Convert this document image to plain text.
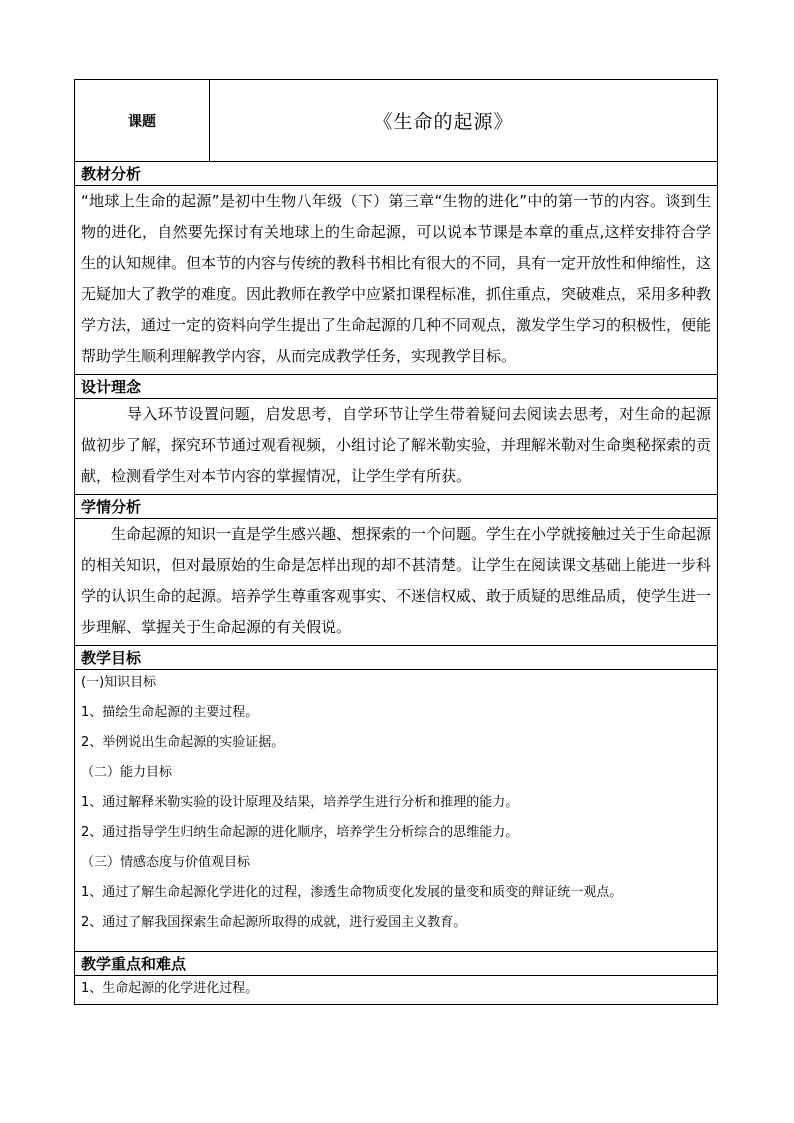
课题	《生命的起源》
教材分析
“地球上生命的起源”是初中生物八年级（下）第三章“生物的进化”中的第一节的内容。谈到生物的进化，自然要先探讨有关地球上的生命起源，可以说本节课是本章的重点,这样安排符合学生的认知规律。但本节的内容与传统的教科书相比有很大的不同，具有一定开放性和伸缩性，这无疑加大了教学的难度。因此教师在教学中应紧扣课程标准，抓住重点，突破难点，采用多种教学方法，通过一定的资料向学生提出了生命起源的几种不同观点，激发学生学习的积极性，便能帮助学生顺利理解教学内容，从而完成教学任务，实现教学目标。
设计理念
导入环节设置问题，启发思考，自学环节让学生带着疑问去阅读去思考，对生命的起源做初步了解，探究环节通过观看视频，小组讨论了解米勒实验，并理解米勒对生命奥秘探索的贡献，检测看学生对本节内容的掌握情况，让学生学有所获。
学情分析
生命起源的知识一直是学生感兴趣、想探索的一个问题。学生在小学就接触过关于生命起源的相关知识，但对最原始的生命是怎样出现的却不甚清楚。让学生在阅读课文基础上能进一步科学的认识生命的起源。培养学生尊重客观事实、不迷信权威、敢于质疑的思维品质，使学生进一步理解、掌握关于生命起源的有关假说。
教学目标

(一)知识目标
1、描绘生命起源的主要过程。
2、举例说出生命起源的实验证据。
（二）能力目标
1、通过解释米勒实验的设计原理及结果，培养学生进行分析和推理的能力。
2、通过指导学生归纳生命起源的进化顺序，培养学生分析综合的思维能力。
（三）情感态度与价值观目标
1、通过了解生命起源化学进化的过程，渗透生命物质变化发展的量变和质变的辩证统一观点。
2、通过了解我国探索生命起源所取得的成就，进行爱国主义教育。

教学重点和难点

1、生命起源的化学进化过程。
